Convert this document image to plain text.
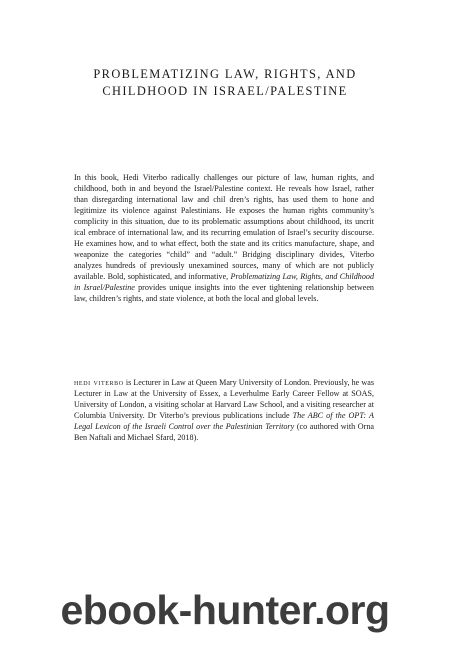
PROBLEMATIZING LAW, RIGHTS, AND
CHILDHOOD IN ISRAEL/PALESTINE

In this book, Hedi Viterbo radically challenges our picture of law, human rights, and childhood, both in and beyond the Israel/Palestine context. He reveals how Israel, rather than disregarding international law and chil dren’s rights, has used them to hone and legitimize its violence against Palestinians. He exposes the human rights community’s complicity in this situation, due to its problematic assumptions about childhood, its uncrit ical embrace of international law, and its recurring emulation of Israel’s security discourse. He examines how, and to what effect, both the state and its critics manufacture, shape, and weaponize the categories “child” and “adult.” Bridging disciplinary divides, Viterbo analyzes hundreds of previously unexamined sources, many of which are not publicly available. Bold, sophisticated, and informative, Problematizing Law, Rights, and Childhood in Israel/Palestine provides unique insights into the ever tightening relationship between law, children’s rights, and state violence, at both the local and global levels.

hedi viterbo is Lecturer in Law at Queen Mary University of London. Previously, he was Lecturer in Law at the University of Essex, a Leverhulme Early Career Fellow at SOAS, University of London, a visiting scholar at Harvard Law School, and a visiting researcher at Columbia University. Dr Viterbo’s previous publications include The ABC of the OPT: A Legal Lexicon of the Israeli Control over the Palestinian Territory (co authored with Orna Ben Naftali and Michael Sfard, 2018).

ebook-hunter.org
